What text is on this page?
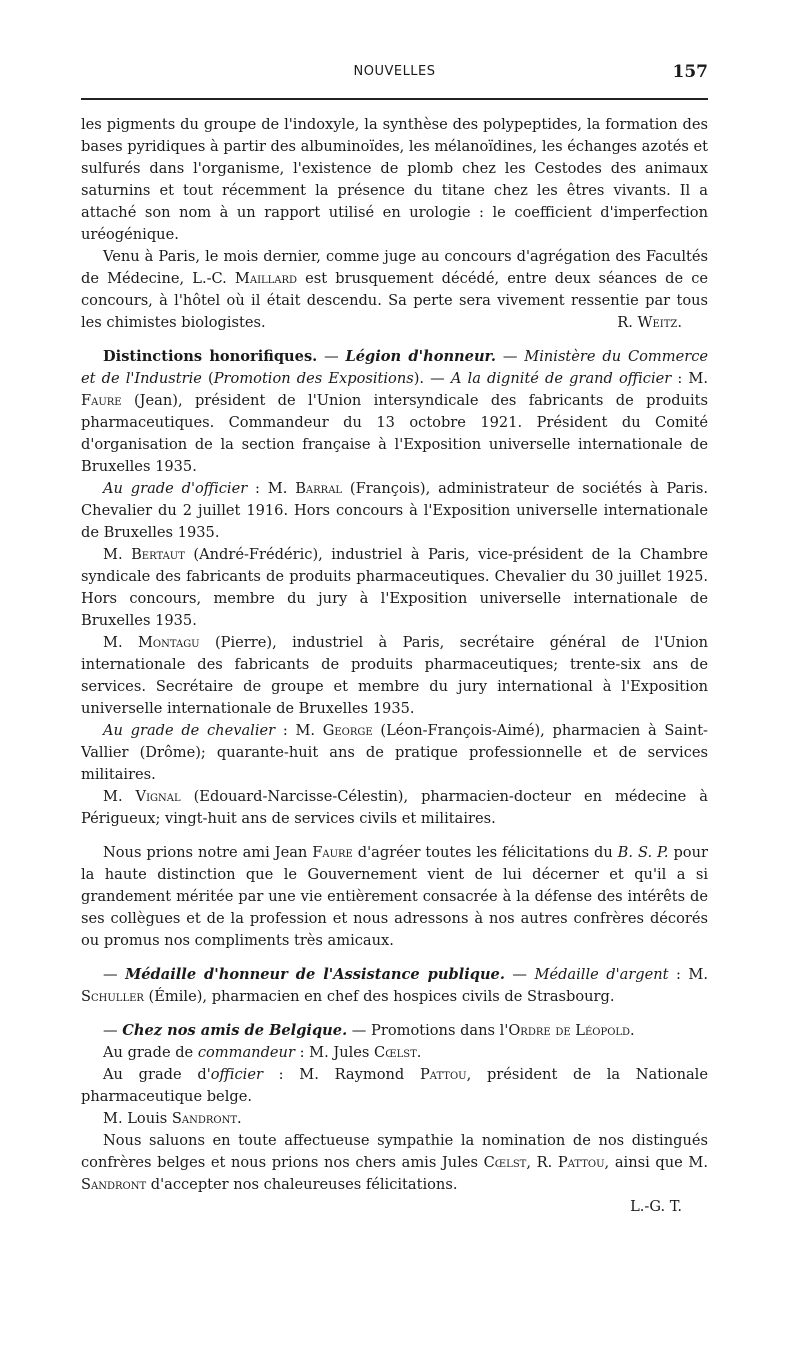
NOUVELLES	157

les pigments du groupe de l'indoxyle, la synthèse des polypeptides, la formation des bases pyridiques à partir des albuminoïdes, les mélanoïdines, les échanges azotés et sulfurés dans l'organisme, l'existence de plomb chez les Cestodes des animaux saturnins et tout récemment la présence du titane chez les êtres vivants. Il a attaché son nom à un rapport utilisé en urologie : le coefficient d'imperfection uréogénique.

Venu à Paris, le mois dernier, comme juge au concours d'agrégation des Facultés de Médecine, L.-C. Maillard est brusquement décédé, entre deux séances de ce concours, à l'hôtel où il était descendu. Sa perte sera vivement ressentie par tous les chimistes biologistes.	R. Weitz.

Distinctions honorifiques. — Légion d'honneur. — Ministère du Commerce et de l'Industrie (Promotion des Expositions). — A la dignité de grand officier : M. Faure (Jean), président de l'Union intersyndicale des fabricants de produits pharmaceutiques. Commandeur du 13 octobre 1921. Président du Comité d'organisation de la section française à l'Exposition universelle internationale de Bruxelles 1935.

Au grade d'officier : M. Barral (François), administrateur de sociétés à Paris. Chevalier du 2 juillet 1916. Hors concours à l'Exposition universelle internationale de Bruxelles 1935.

M. Bertaut (André-Frédéric), industriel à Paris, vice-président de la Chambre syndicale des fabricants de produits pharmaceutiques. Chevalier du 30 juillet 1925. Hors concours, membre du jury à l'Exposition universelle internationale de Bruxelles 1935.

M. Montagu (Pierre), industriel à Paris, secrétaire général de l'Union internationale des fabricants de produits pharmaceutiques; trente-six ans de services. Secrétaire de groupe et membre du jury international à l'Exposition universelle internationale de Bruxelles 1935.

Au grade de chevalier : M. George (Léon-François-Aimé), pharmacien à Saint-Vallier (Drôme); quarante-huit ans de pratique professionnelle et de services militaires.

M. Vignal (Edouard-Narcisse-Célestin), pharmacien-docteur en médecine à Périgueux; vingt-huit ans de services civils et militaires.

Nous prions notre ami Jean Faure d'agréer toutes les félicitations du B. S. P. pour la haute distinction que le Gouvernement vient de lui décerner et qu'il a si grandement méritée par une vie entièrement consacrée à la défense des intérêts de ses collègues et de la profession et nous adressons à nos autres confrères décorés ou promus nos compliments très amicaux.

— Médaille d'honneur de l'Assistance publique. — Médaille d'argent : M. Schuller (Émile), pharmacien en chef des hospices civils de Strasbourg.

— Chez nos amis de Belgique. — Promotions dans l'Ordre de Léopold.

Au grade de commandeur : M. Jules Cœlst.

Au grade d'officier : M. Raymond Pattou, président de la Nationale pharmaceutique belge.

M. Louis Sandront.

Nous saluons en toute affectueuse sympathie la nomination de nos distingués confrères belges et nous prions nos chers amis Jules Cœlst, R. Pattou, ainsi que M. Sandront d'accepter nos chaleureuses félicitations.

L.-G. T.
